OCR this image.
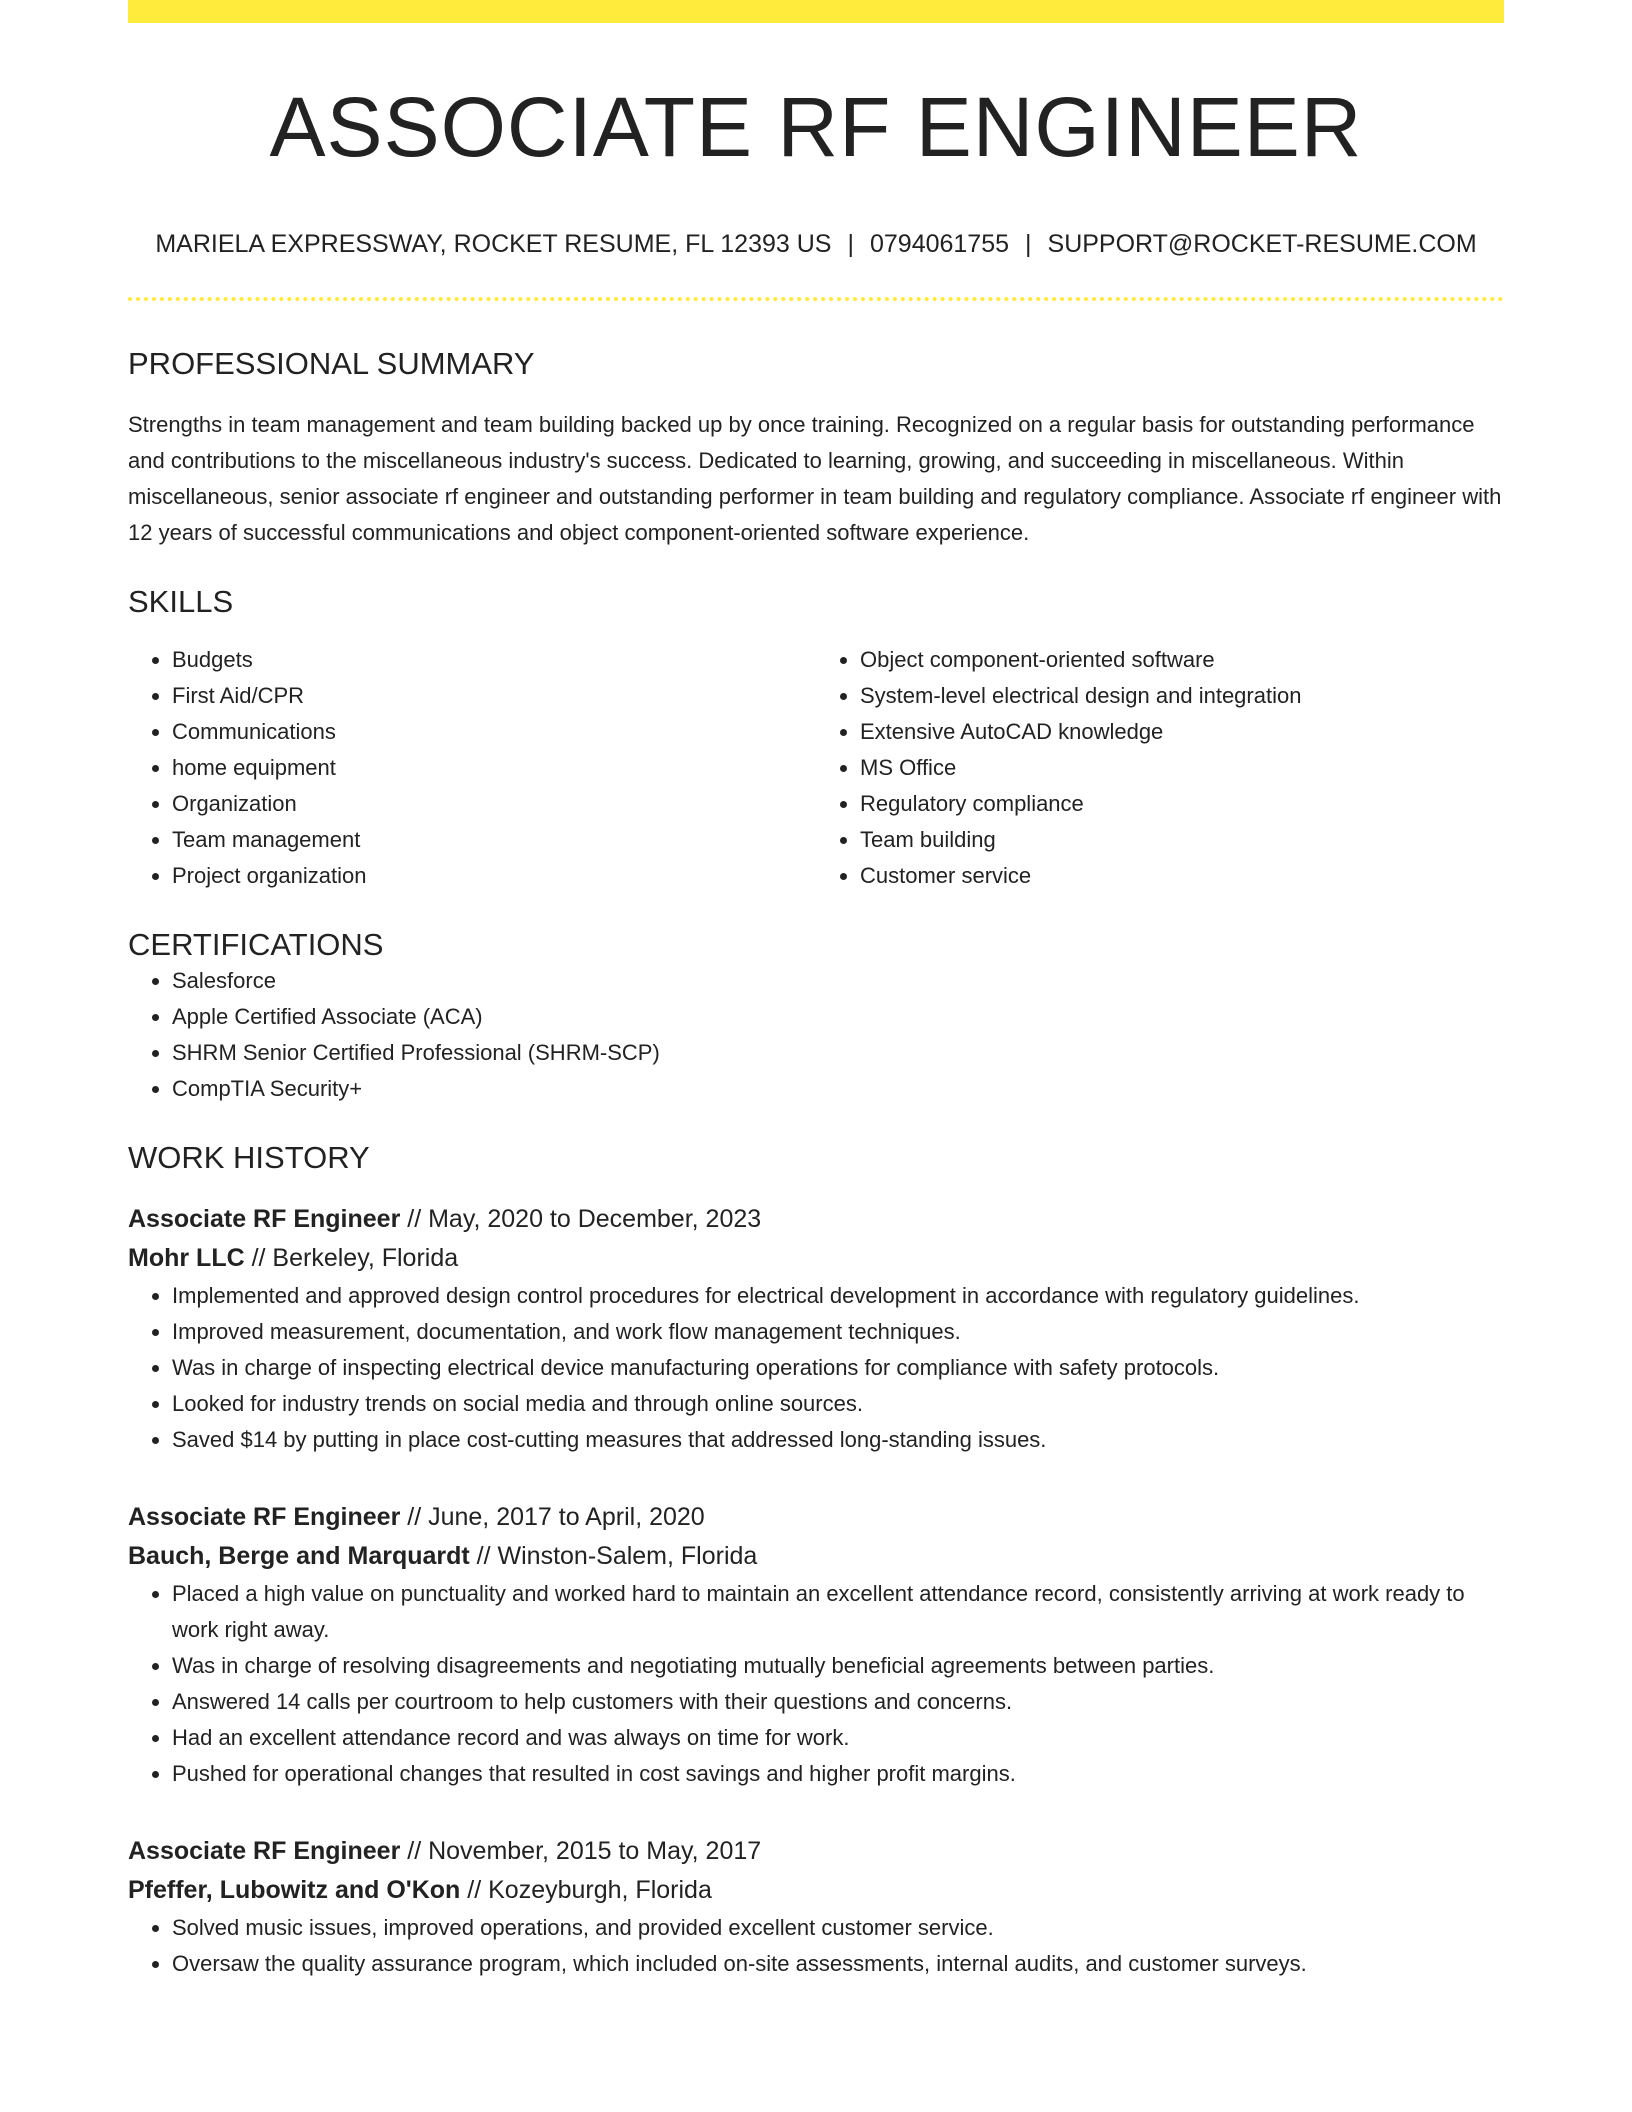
ASSOCIATE RF ENGINEER
MARIELA EXPRESSWAY, ROCKET RESUME, FL 12393 US | 0794061755 | SUPPORT@ROCKET-RESUME.COM
PROFESSIONAL SUMMARY

Strengths in team management and team building backed up by once training. Recognized on a regular basis for outstanding performance and contributions to the miscellaneous industry's success. Dedicated to learning, growing, and succeeding in miscellaneous. Within miscellaneous, senior associate rf engineer and outstanding performer in team building and regulatory compliance. Associate rf engineer with 12 years of successful communications and object component-oriented software experience.

SKILLS
• Budgets
• First Aid/CPR
• Communications
• home equipment
• Organization
• Team management
• Project organization
• Object component-oriented software
• System-level electrical design and integration
• Extensive AutoCAD knowledge
• MS Office
• Regulatory compliance
• Team building
• Customer service
CERTIFICATIONS
• Salesforce
• Apple Certified Associate (ACA)
• SHRM Senior Certified Professional (SHRM-SCP)
• CompTIA Security+
WORK HISTORY
Associate RF Engineer // May, 2020 to December, 2023
Mohr LLC // Berkeley, Florida
• Implemented and approved design control procedures for electrical development in accordance with regulatory guidelines.
• Improved measurement, documentation, and work flow management techniques.
• Was in charge of inspecting electrical device manufacturing operations for compliance with safety protocols.
• Looked for industry trends on social media and through online sources.
• Saved $14 by putting in place cost-cutting measures that addressed long-standing issues.
Associate RF Engineer // June, 2017 to April, 2020
Bauch, Berge and Marquardt // Winston-Salem, Florida
• Placed a high value on punctuality and worked hard to maintain an excellent attendance record, consistently arriving at work ready to work right away.
• Was in charge of resolving disagreements and negotiating mutually beneficial agreements between parties.
• Answered 14 calls per courtroom to help customers with their questions and concerns.
• Had an excellent attendance record and was always on time for work.
• Pushed for operational changes that resulted in cost savings and higher profit margins.
Associate RF Engineer // November, 2015 to May, 2017
Pfeffer, Lubowitz and O'Kon // Kozeyburgh, Florida
• Solved music issues, improved operations, and provided excellent customer service.
• Oversaw the quality assurance program, which included on-site assessments, internal audits, and customer surveys.
